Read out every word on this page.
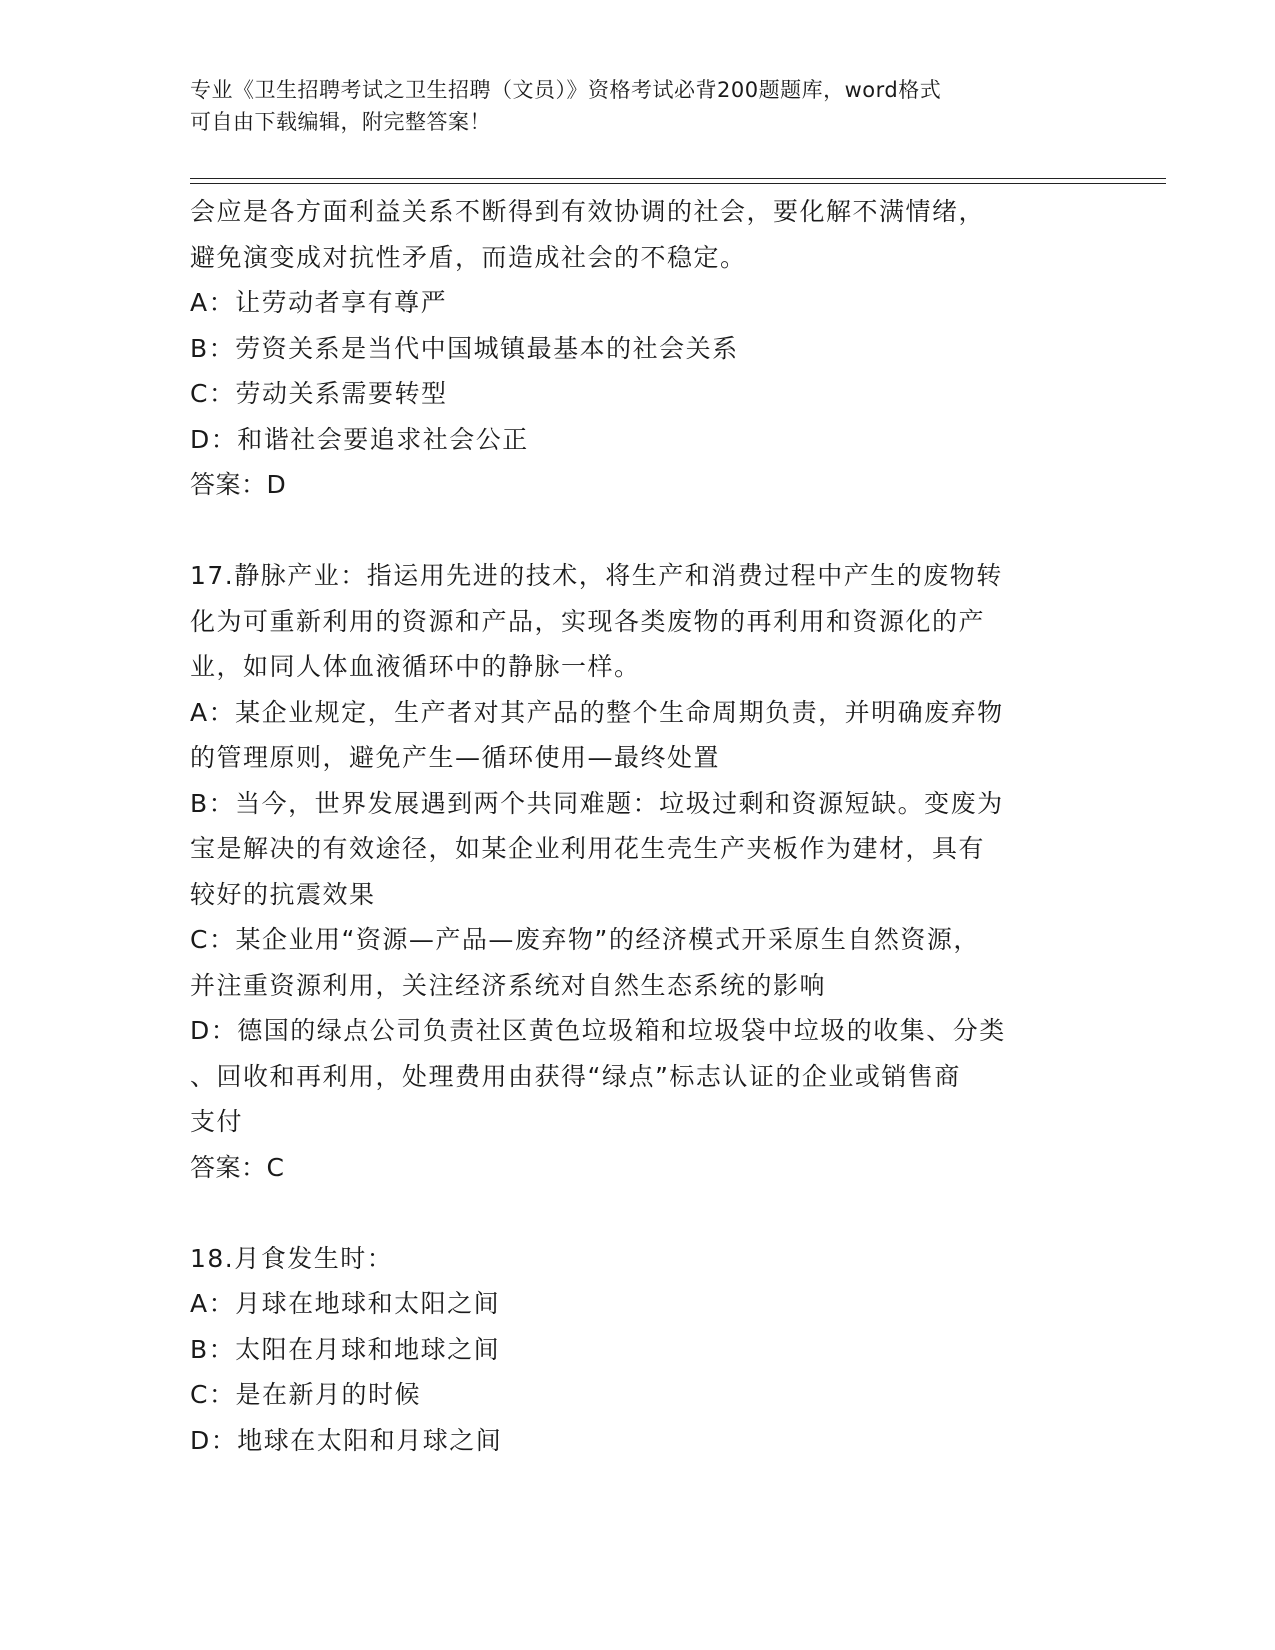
专业《卫生招聘考试之卫生招聘（文员）》资格考试必背200题题库，word格式
可自由下载编辑，附完整答案！
会应是各方面利益关系不断得到有效协调的社会，要化解不满情绪，
避免演变成对抗性矛盾，而造成社会的不稳定。
A：让劳动者享有尊严
B：劳资关系是当代中国城镇最基本的社会关系
C：劳动关系需要转型
D：和谐社会要追求社会公正
答案：D
17.静脉产业：指运用先进的技术，将生产和消费过程中产生的废物转
化为可重新利用的资源和产品，实现各类废物的再利用和资源化的产
业，如同人体血液循环中的静脉一样。
A：某企业规定，生产者对其产品的整个生命周期负责，并明确废弃物
的管理原则，避免产生—循环使用—最终处置
B：当今，世界发展遇到两个共同难题：垃圾过剩和资源短缺。变废为
宝是解决的有效途径，如某企业利用花生壳生产夹板作为建材，具有
较好的抗震效果
C：某企业用“资源—产品—废弃物”的经济模式开采原生自然资源，
并注重资源利用，关注经济系统对自然生态系统的影响
D：德国的绿点公司负责社区黄色垃圾箱和垃圾袋中垃圾的收集、分类
、回收和再利用，处理费用由获得“绿点”标志认证的企业或销售商
支付
答案：C
18.月食发生时：
A：月球在地球和太阳之间
B：太阳在月球和地球之间
C：是在新月的时候
D：地球在太阳和月球之间
